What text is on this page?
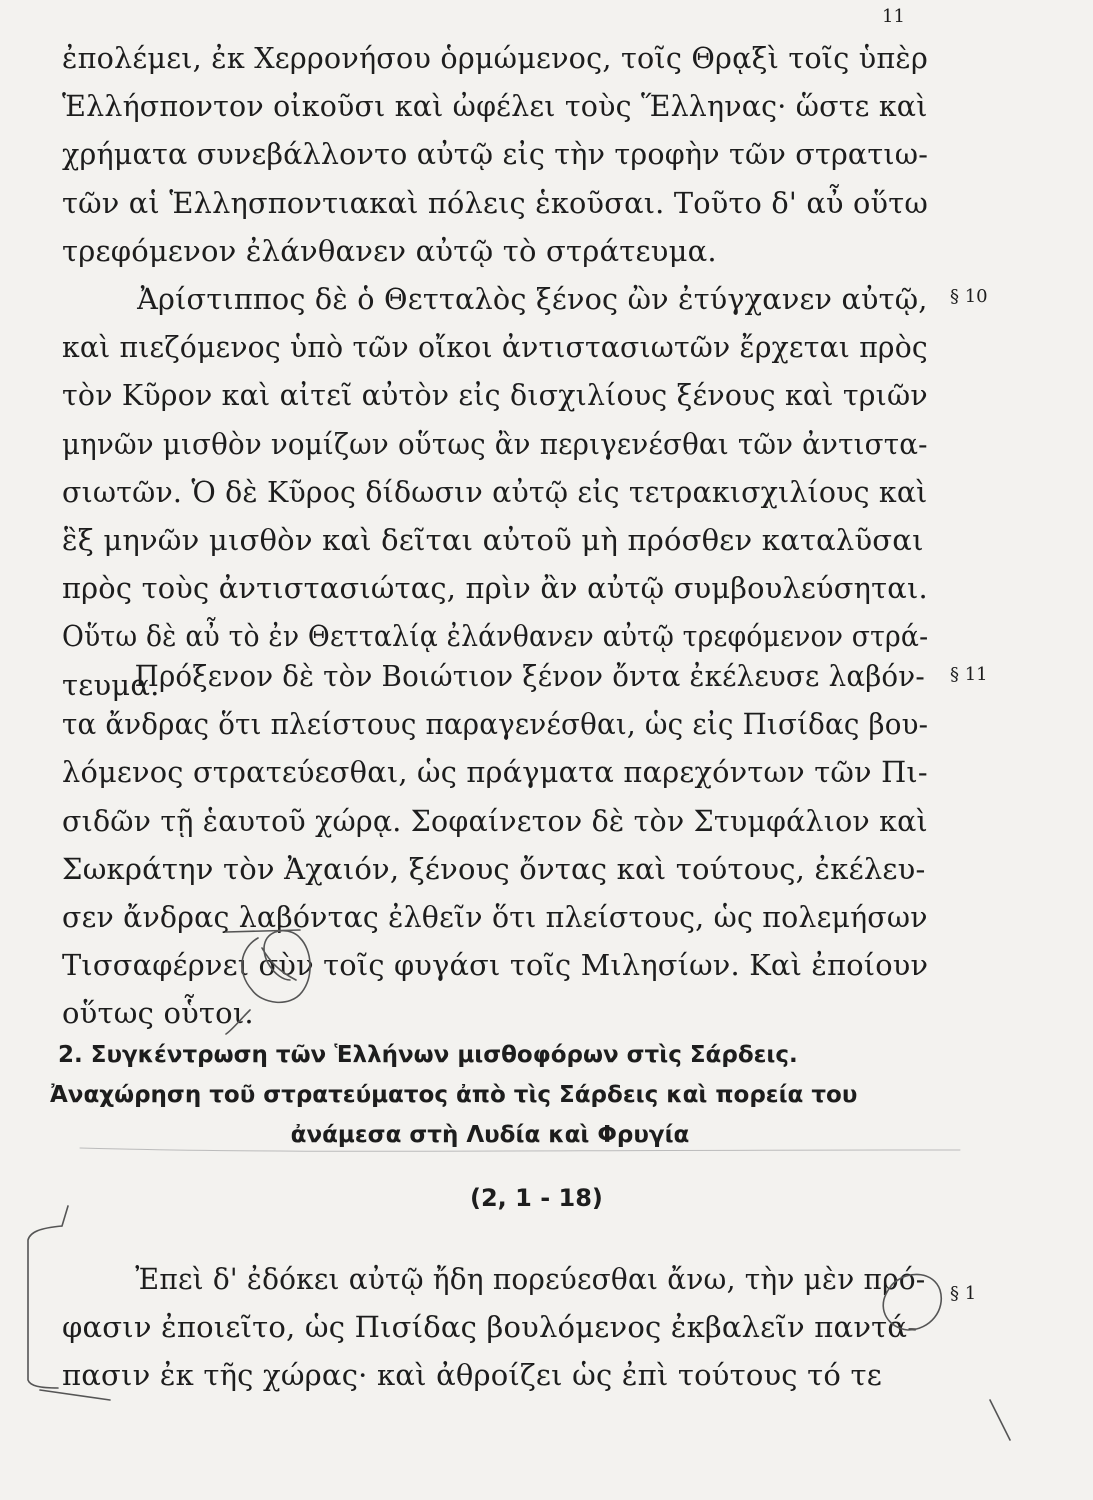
11
ἐπολέμει, ἐκ Χερρονήσου ὁρμώμενος, τοῖς Θρᾳξὶ τοῖς ὑπὲρ
Ἑλλήσποντον οἰκοῦσι καὶ ὠφέλει τοὺς Ἕλληνας· ὥστε καὶ
χρήματα συνεβάλλοντο αὐτῷ εἰς τὴν τροφὴν τῶν στρατιω-
τῶν αἱ Ἑλλησποντιακαὶ πόλεις ἑκοῦσαι. Τοῦτο δ' αὖ οὕτω
τρεφόμενον ἐλάνθανεν αὐτῷ τὸ στράτευμα.
§ 10
Ἀρίστιππος δὲ ὁ Θετταλὸς ξένος ὢν ἐτύγχανεν αὐτῷ,
καὶ πιεζόμενος ὑπὸ τῶν οἴκοι ἀντιστασιωτῶν ἔρχεται πρὸς
τὸν Κῦρον καὶ αἰτεῖ αὐτὸν εἰς δισχιλίους ξένους καὶ τριῶν
μηνῶν μισθὸν νομίζων οὕτως ἂν περιγενέσθαι τῶν ἀντιστα-
σιωτῶν. Ὁ δὲ Κῦρος δίδωσιν αὐτῷ εἰς τετρακισχιλίους καὶ
ἓξ μηνῶν μισθὸν καὶ δεῖται αὐτοῦ μὴ πρόσθεν καταλῦσαι
πρὸς τοὺς ἀντιστασιώτας, πρὶν ἂν αὐτῷ συμβουλεύσηται.
Οὕτω δὲ αὖ τὸ ἐν Θετταλίᾳ ἐλάνθανεν αὐτῷ τρεφόμενον στρά-
τευμα.	§ 11
Πρόξενον δὲ τὸν Βοιώτιον ξένον ὄντα ἐκέλευσε λαβόν-
τα ἄνδρας ὅτι πλείστους παραγενέσθαι, ὡς εἰς Πισίδας βου-
λόμενος στρατεύεσθαι, ὡς πράγματα παρεχόντων τῶν Πι-
σιδῶν τῇ ἑαυτοῦ χώρᾳ. Σοφαίνετον δὲ τὸν Στυμφάλιον καὶ
Σωκράτην τὸν Ἀχαιόν, ξένους ὄντας καὶ τούτους, ἐκέλευ-
σεν ἄνδρας λαβόντας ἐλθεῖν ὅτι πλείστους, ὡς πολεμήσων
Τισσαφέρνει σὺν τοῖς φυγάσι τοῖς Μιλησίων. Καὶ ἐποίουν
οὕτως οὗτοι.
2. Συγκέντρωση τῶν Ἑλλήνων μισθοφόρων στὶς Σάρδεις.
Ἀναχώρηση τοῦ στρατεύματος ἀπὸ τὶς Σάρδεις καὶ πορεία του
ἀνάμεσα στὴ Λυδία καὶ Φρυγία
(2, 1 - 18)
§ 1
Ἐπεὶ δ' ἐδόκει αὐτῷ ἤδη πορεύεσθαι ἄνω, τὴν μὲν πρό-
φασιν ἐποιεῖτο, ὡς Πισίδας βουλόμενος ἐκβαλεῖν παντά-
πασιν ἐκ τῆς χώρας· καὶ ἀθροίζει ὡς ἐπὶ τούτους τό τε
